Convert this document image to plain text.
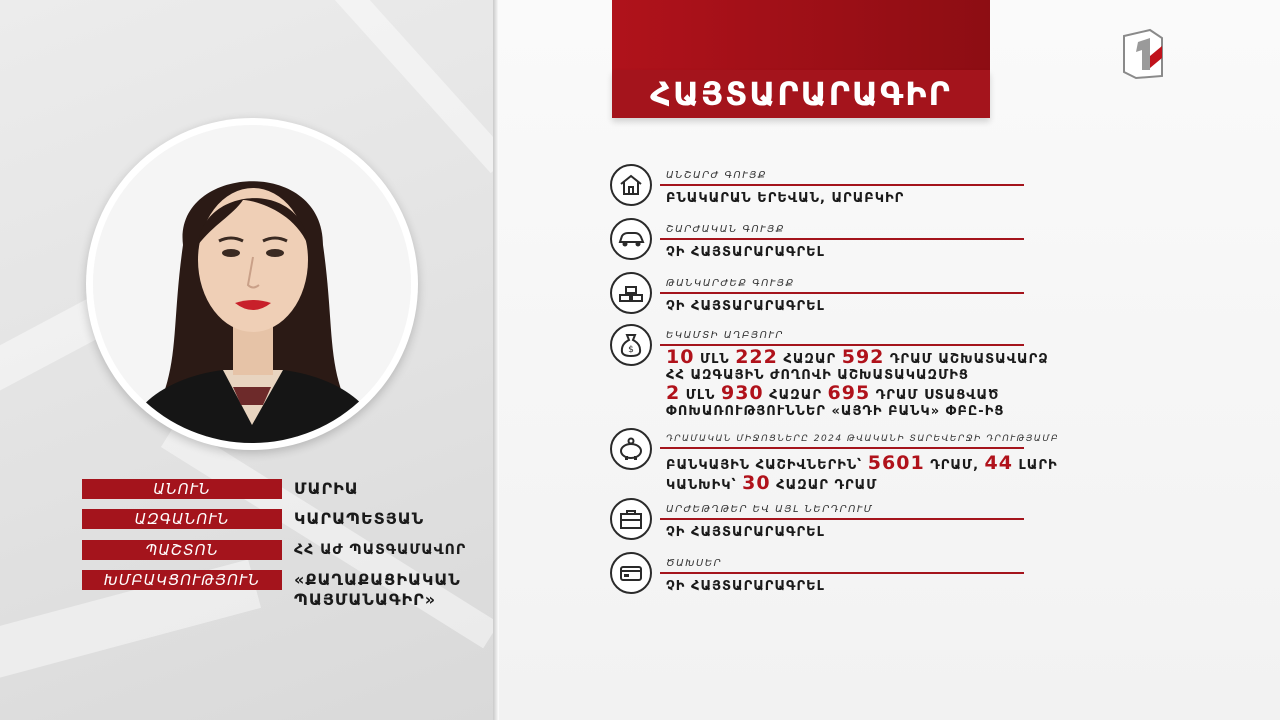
ՀԱՅՏԱՐԱՐԱԳԻՐ
ԱՆՈՒՆ	ՄԱՐԻԱ
ԱԶԳԱՆՈՒՆ	ԿԱՐԱՊԵՏՅԱՆ
ՊԱՇՏՈՆ	ՀՀ ԱԺ ՊԱՏԳԱՄԱՎՈՐ
ԽՄԲԱԿՑՈՒԹՅՈՒՆ	«ՔԱՂԱՔԱՑԻԱԿԱՆ
ՊԱՅՄԱՆԱԳԻՐ»
ԱՆՇԱՐԺ ԳՈՒՅՔ
ԲՆԱԿԱՐԱՆ ԵՐԵՎԱՆ, ԱՐԱԲԿԻՐ
ՇԱՐԺԱԿԱՆ ԳՈՒՅՔ
ՉԻ ՀԱՅՏԱՐԱՐԱԳՐԵԼ
ԹԱՆԿԱՐԺԵՔ ԳՈՒՅՔ
ՉԻ ՀԱՅՏԱՐԱՐԱԳՐԵԼ
$
ԵԿԱՄՏԻ ԱՂԲՅՈՒՐ
10 ՄԼՆ 222 ՀԱԶԱՐ 592 ԴՐԱՄ ԱՇԽԱՏԱՎԱՐՁ
ՀՀ ԱԶԳԱՅԻՆ ԺՈՂՈՎԻ ԱՇԽԱՏԱԿԱԶՄԻՑ
2 ՄԼՆ 930 ՀԱԶԱՐ 695 ԴՐԱՄ ՍՏԱՑՎԱԾ
ՓՈԽԱՌՈՒԹՅՈՒՆՆԵՐ «ԱՅԴԻ ԲԱՆԿ» ՓԲԸ-ԻՑ
ԴՐԱՄԱԿԱՆ ՄԻՋՈՑՆԵՐԸ 2024 ԹՎԱԿԱՆԻ ՏԱՐԵՎԵՐՋԻ ԴՐՈՒԹՅԱՄԲ
ԲԱՆԿԱՅԻՆ ՀԱՇԻՎՆԵՐԻՆ՝ 5601 ԴՐԱՄ, 44 ԼԱՐԻ
ԿԱՆԽԻԿ՝ 30 ՀԱԶԱՐ ԴՐԱՄ
ԱՐԺԵԹՂԹԵՐ ԵՎ ԱՅԼ ՆԵՐԴՐՈՒՄ
ՉԻ ՀԱՅՏԱՐԱՐԱԳՐԵԼ
ԾԱԽՍԵՐ
ՉԻ ՀԱՅՏԱՐԱՐԱԳՐԵԼ
